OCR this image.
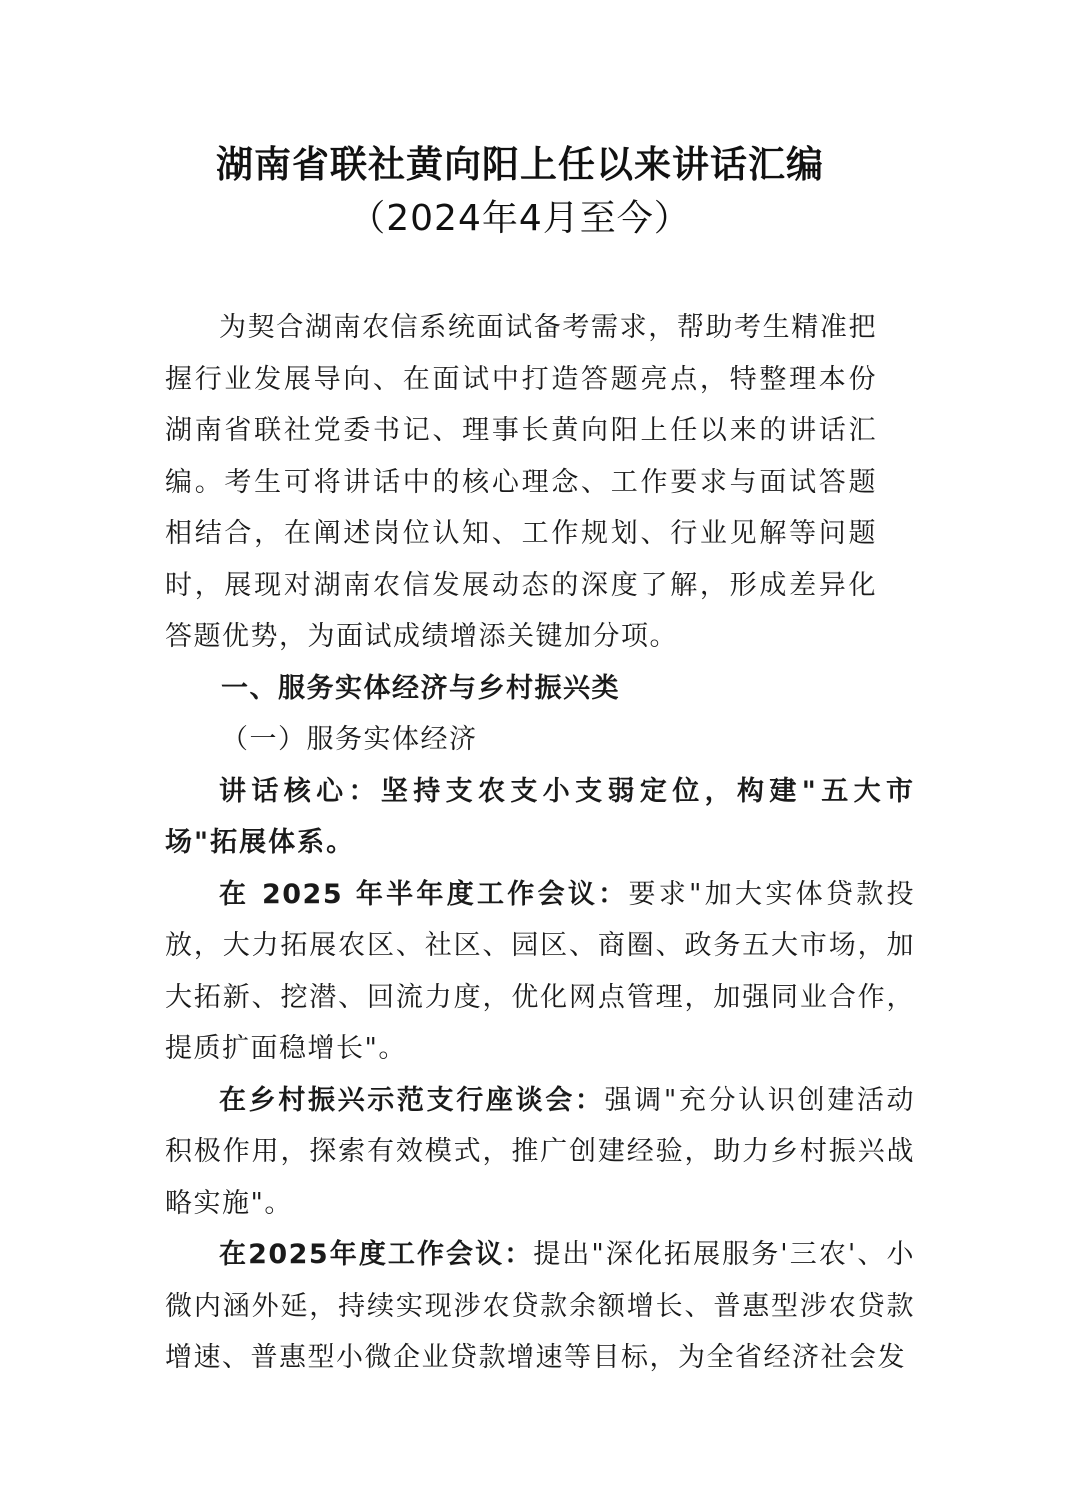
湖南省联社黄向阳上任以来讲话汇编
（2024年4月至今）

为契合湖南农信系统面试备考需求，帮助考生精准把握行业发展导向、在面试中打造答题亮点，特整理本份湖南省联社党委书记、理事长黄向阳上任以来的讲话汇编。考生可将讲话中的核心理念、工作要求与面试答题相结合，在阐述岗位认知、工作规划、行业见解等问题时，展现对湖南农信发展动态的深度了解，形成差异化答题优势，为面试成绩增添关键加分项。

一、服务实体经济与乡村振兴类

（一）服务实体经济

讲话核心：坚持支农支小支弱定位，构建"五大市场"拓展体系。

在 2025 年半年度工作会议：要求"加大实体贷款投放，大力拓展农区、社区、园区、商圈、政务五大市场，加大拓新、挖潜、回流力度，优化网点管理，加强同业合作，提质扩面稳增长"。

在乡村振兴示范支行座谈会：强调"充分认识创建活动积极作用，探索有效模式，推广创建经验，助力乡村振兴战略实施"。

在2025年度工作会议：提出"深化拓展服务'三农'、小微内涵外延，持续实现涉农贷款余额增长、普惠型涉农贷款增速、普惠型小微企业贷款增速等目标，为全省经济社会发
